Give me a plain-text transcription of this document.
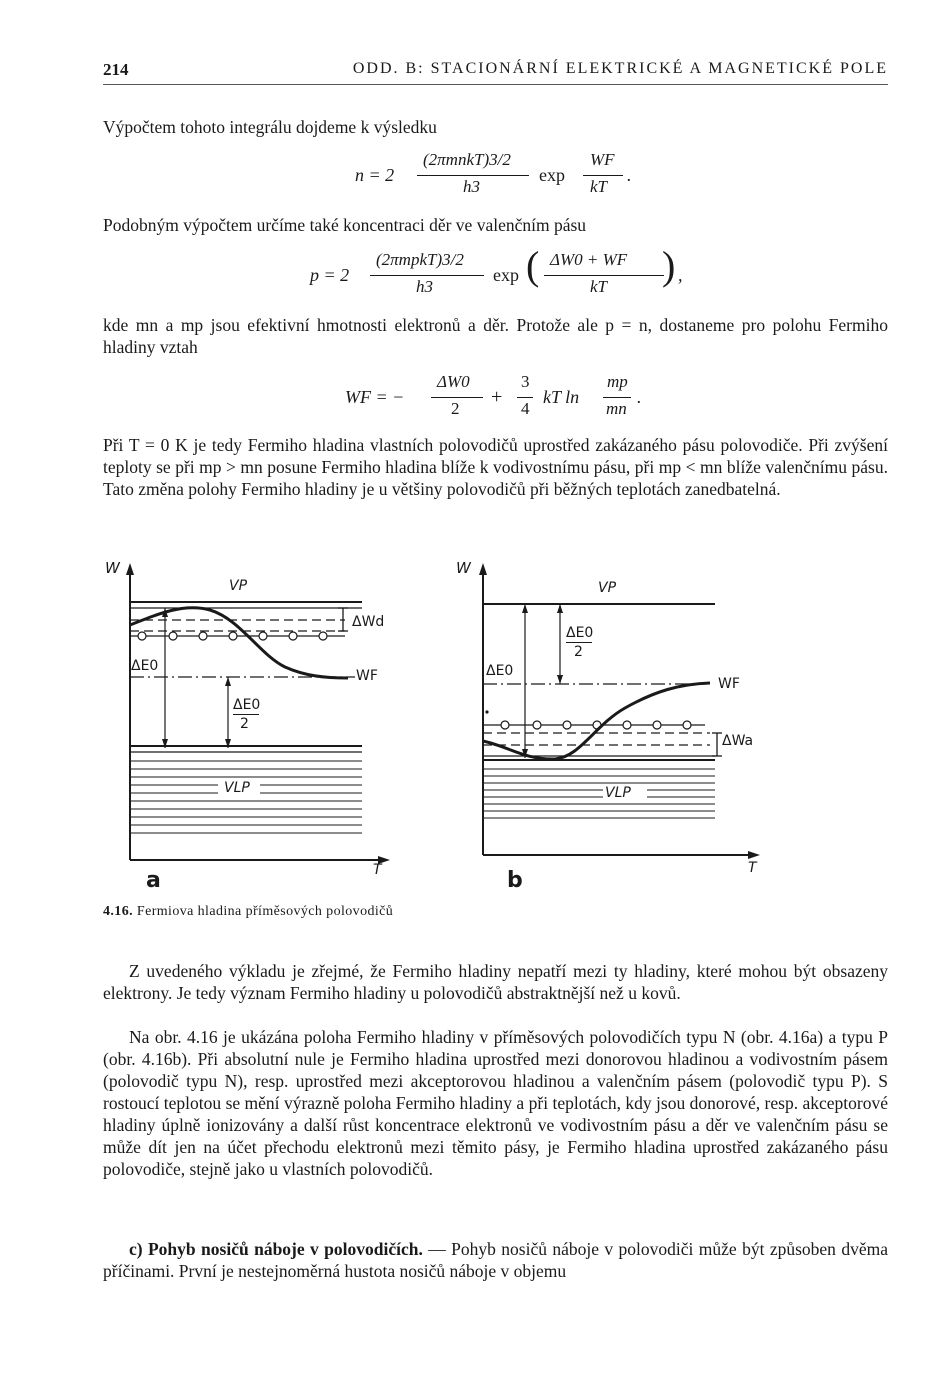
214	ODD. B: STACIONÁRNÍ ELEKTRICKÉ A MAGNETICKÉ POLE
Výpočtem tohoto integrálu dojdeme k výsledku
n = 2
(2πmnkT)3/2
h3
exp
WF
kT
.
Podobným výpočtem určíme také koncentraci děr ve valenčním pásu
p = 2
(2πmpkT)3/2
h3
exp ( ΔW0 + WF
kT ) ,
kde mn a mp jsou efektivní hmotnosti elektronů a děr. Protože ale p = n, dostaneme pro polohu Fermiho hladiny vztah
WF = −
ΔW0
2
+
3
4
kT ln
mp
mn
.
Při T = 0 K je tedy Fermiho hladina vlastních polovodičů uprostřed zakázaného pásu polovodiče. Při zvýšení teploty se při mp > mn posune Fermiho hladina blíže k vodivostnímu pásu, při mp < mn blíže valenčnímu pásu. Tato změna polohy Fermiho hladiny je u většiny polovodičů při běžných teplotách zanedbatelná.
W
VP
ΔWd
ΔE0
WF
ΔE0
2
VLP
T
a
W
VP
ΔE0
2
ΔE0
WF
ΔWa
VLP
T
b
4.16. Fermiova hladina příměsových polovodičů
Z uvedeného výkladu je zřejmé, že Fermiho hladiny nepatří mezi ty hladiny, které mohou být obsazeny elektrony. Je tedy význam Fermiho hladiny u polovodičů abstraktnější než u kovů.
Na obr. 4.16 je ukázána poloha Fermiho hladiny v příměsových polovodičích typu N (obr. 4.16a) a typu P (obr. 4.16b). Při absolutní nule je Fermiho hladina uprostřed mezi donorovou hladinou a vodivostním pásem (polovodič typu N), resp. uprostřed mezi akceptorovou hladinou a valenčním pásem (polovodič typu P). S rostoucí teplotou se mění výrazně poloha Fermiho hladiny a při teplotách, kdy jsou donorové, resp. akceptorové hladiny úplně ionizovány a další růst koncentrace elektronů ve vodivostním pásu a děr ve valenčním pásu se může dít jen na účet přechodu elektronů mezi těmito pásy, je Fermiho hladina uprostřed zakázaného pásu polovodiče, stejně jako u vlastních polovodičů.
c) Pohyb nosičů náboje v polovodičích. — Pohyb nosičů náboje v polovodiči může být způsoben dvěma příčinami. První je nestejnoměrná hustota nosičů náboje v objemu
